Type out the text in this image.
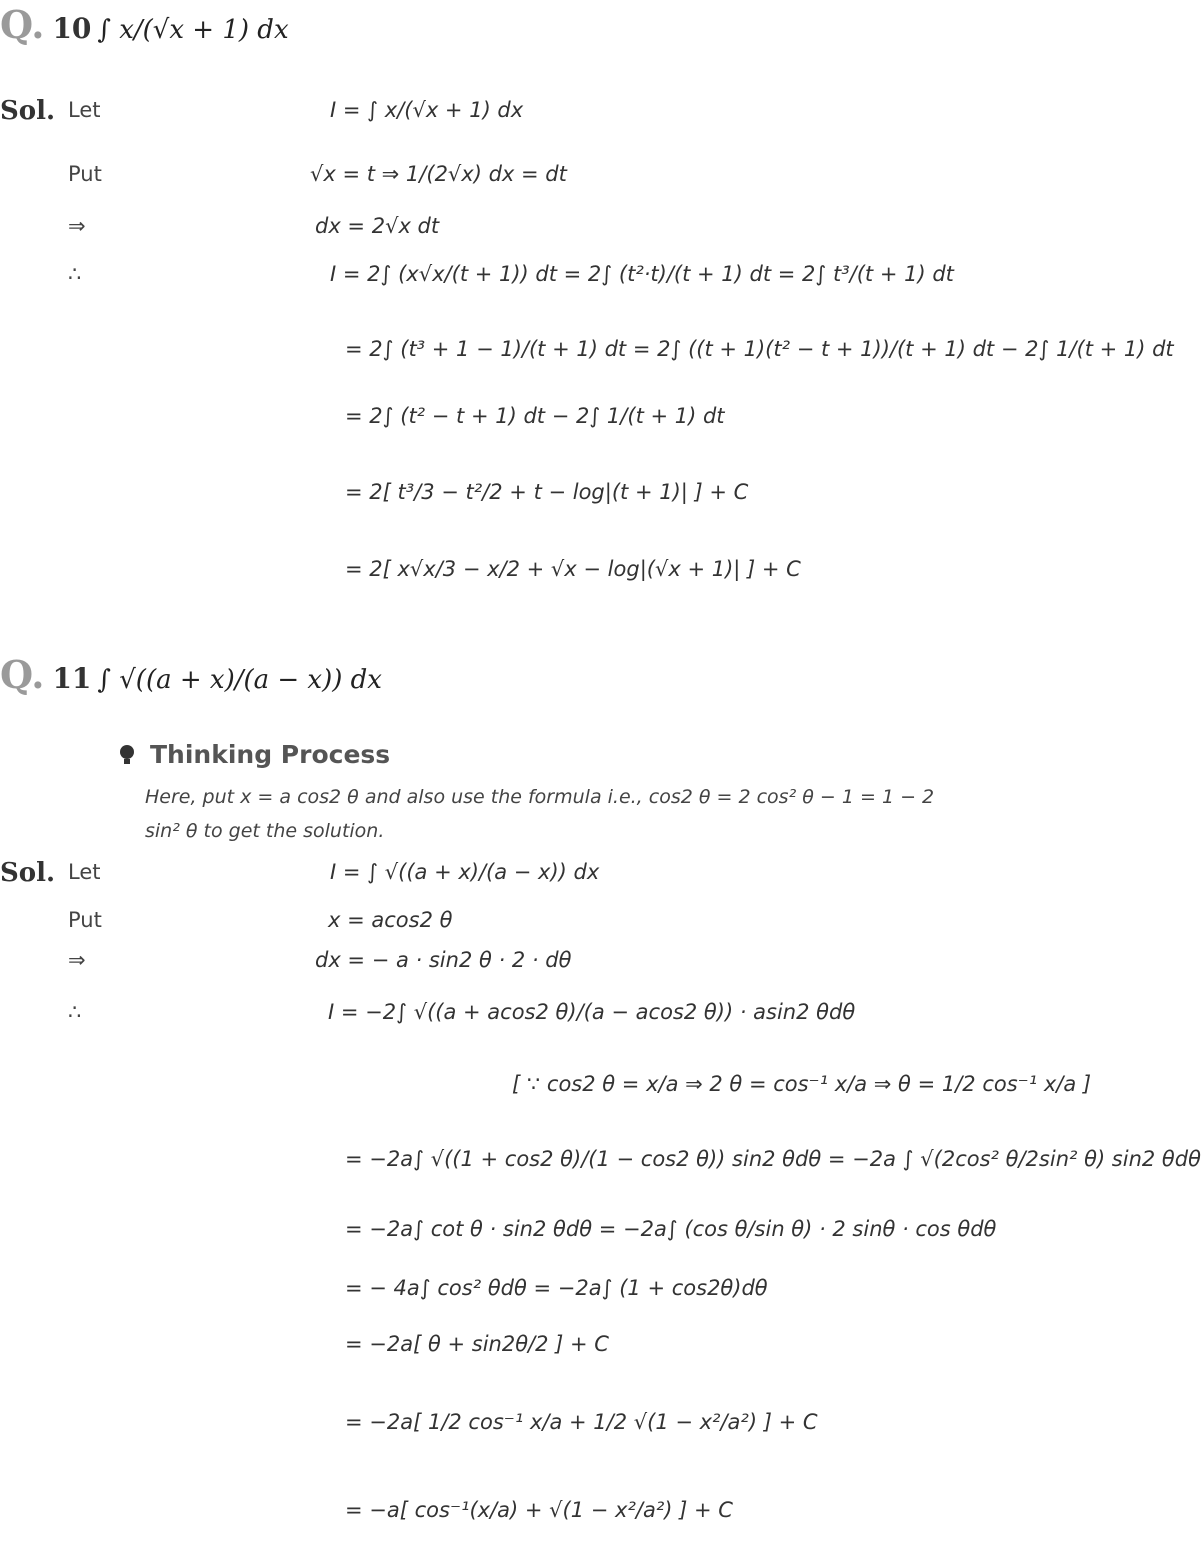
Q. 10 ∫ x/(√x + 1) dx
Sol. Let	I = ∫ x/(√x + 1) dx
Put	√x = t ⇒ 1/(2√x) dx = dt
⇒	dx = 2√x dt
∴	I = 2∫ (x√x/(t + 1)) dt = 2∫ (t²·t)/(t + 1) dt = 2∫ t³/(t + 1) dt
= 2∫ (t³ + 1 − 1)/(t + 1) dt = 2∫ ((t + 1)(t² − t + 1))/(t + 1) dt − 2∫ 1/(t + 1) dt
= 2∫ (t² − t + 1) dt − 2∫ 1/(t + 1) dt
= 2[ t³/3 − t²/2 + t − log|(t + 1)| ] + C
= 2[ x√x/3 − x/2 + √x − log|(√x + 1)| ] + C
Q. 11 ∫ √((a + x)/(a − x)) dx
Thinking Process
Here, put x = a cos2 θ and also use the formula i.e., cos2 θ = 2 cos² θ − 1 = 1 − 2 sin² θ to get the solution.
Sol. Let	I = ∫ √((a + x)/(a − x)) dx
Put	x = acos2 θ
⇒	dx = − a · sin2 θ · 2 · dθ
∴	I = −2∫ √((a + acos2 θ)/(a − acos2 θ)) · asin2 θdθ
[ ∵ cos2 θ = x/a ⇒ 2 θ = cos⁻¹ x/a ⇒ θ = 1/2 cos⁻¹ x/a ]
= −2a∫ √((1 + cos2 θ)/(1 − cos2 θ)) sin2 θdθ = −2a ∫ √(2cos² θ/2sin² θ) sin2 θdθ
= −2a∫ cot θ · sin2 θdθ = −2a∫ (cos θ/sin θ) · 2 sinθ · cos θdθ
= − 4a∫ cos² θdθ = −2a∫ (1 + cos2θ)dθ
= −2a[ θ + sin2θ/2 ] + C
= −2a[ 1/2 cos⁻¹ x/a + 1/2 √(1 − x²/a²) ] + C
= −a[ cos⁻¹(x/a) + √(1 − x²/a²) ] + C
